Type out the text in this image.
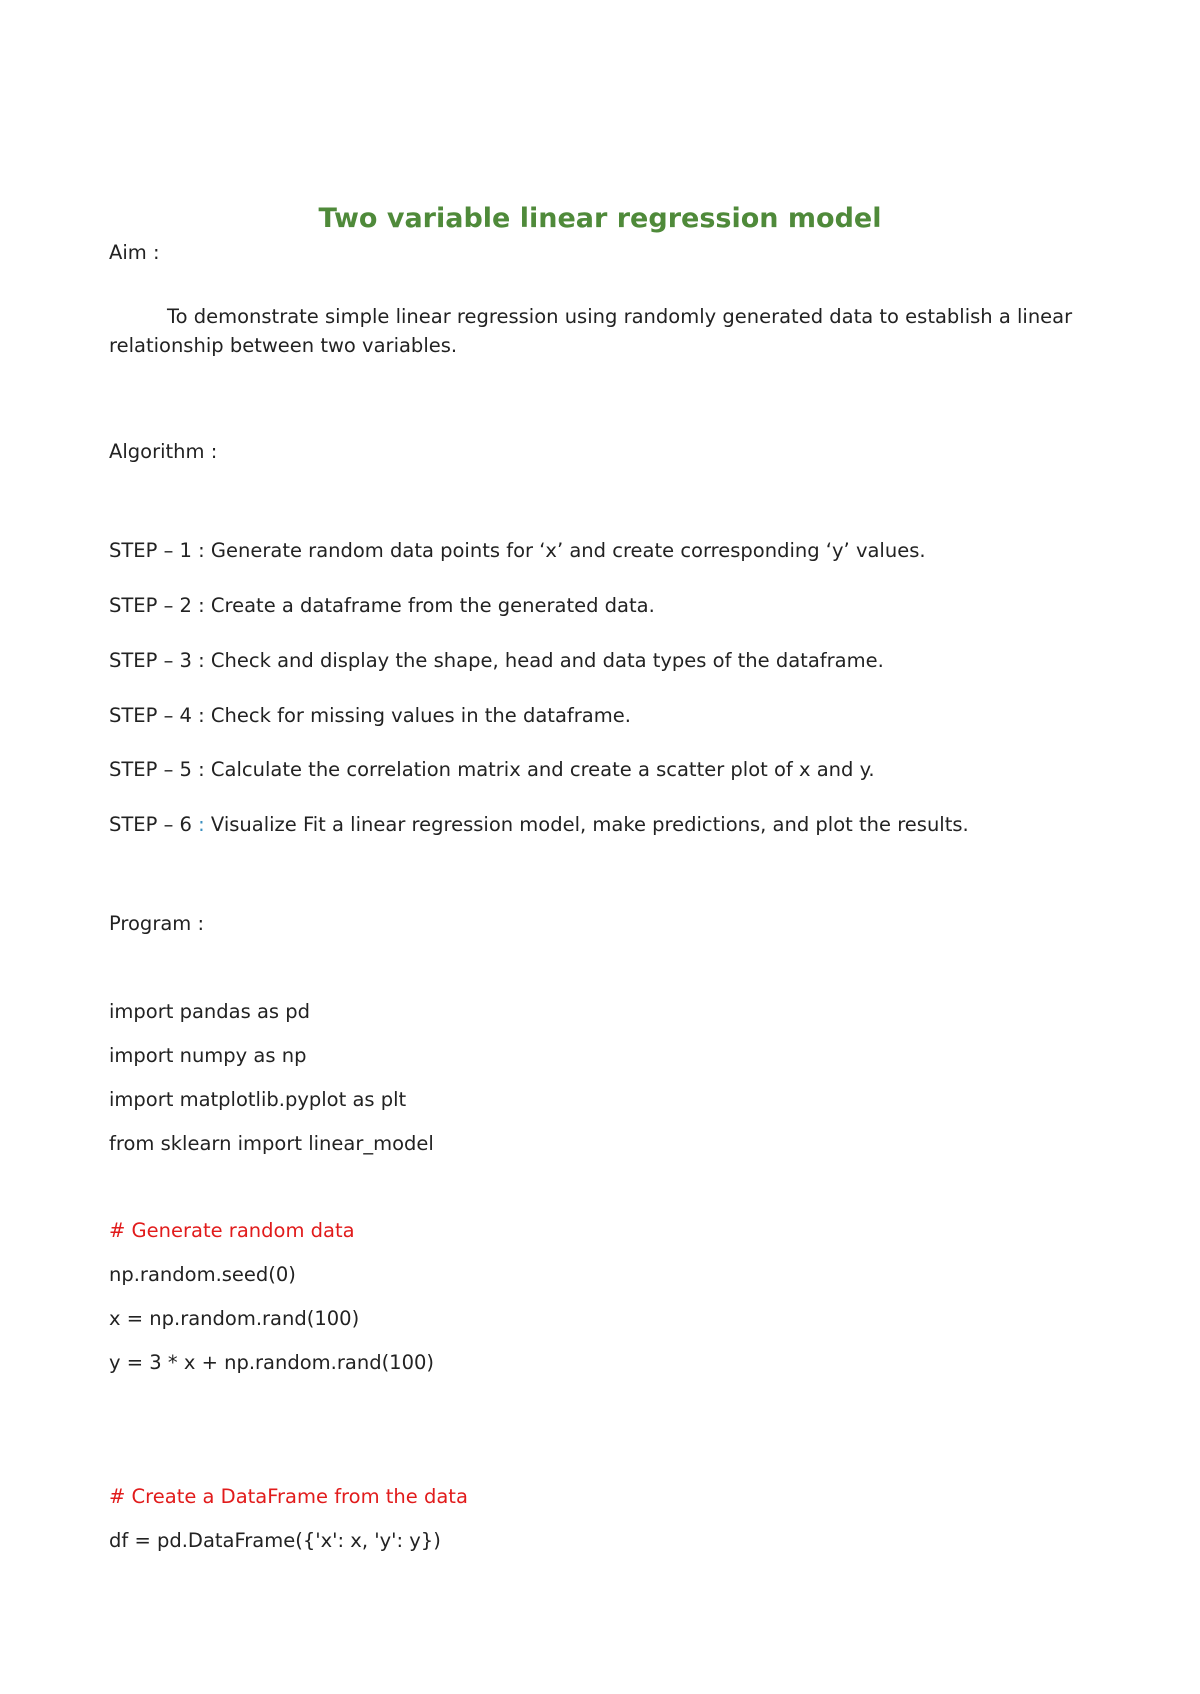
Two variable linear regression model
Aim :
To demonstrate simple linear regression using randomly generated data to establish a linear relationship between two variables.
Algorithm :
STEP – 1 : Generate random data points for ‘x’ and create corresponding ‘y’ values.
STEP – 2 : Create a dataframe from the generated data.
STEP – 3 : Check and display the shape, head and data types of the dataframe.
STEP – 4 : Check for missing values in the dataframe.
STEP – 5 : Calculate the correlation matrix and create a scatter plot of x and y.
STEP – 6 : Visualize Fit a linear regression model, make predictions, and plot the results.
Program :
import pandas as pd
import numpy as np
import matplotlib.pyplot as plt
from sklearn import linear_model
# Generate random data
np.random.seed(0)
x = np.random.rand(100)
y = 3 * x + np.random.rand(100)
# Create a DataFrame from the data
df = pd.DataFrame({'x': x, 'y': y})
